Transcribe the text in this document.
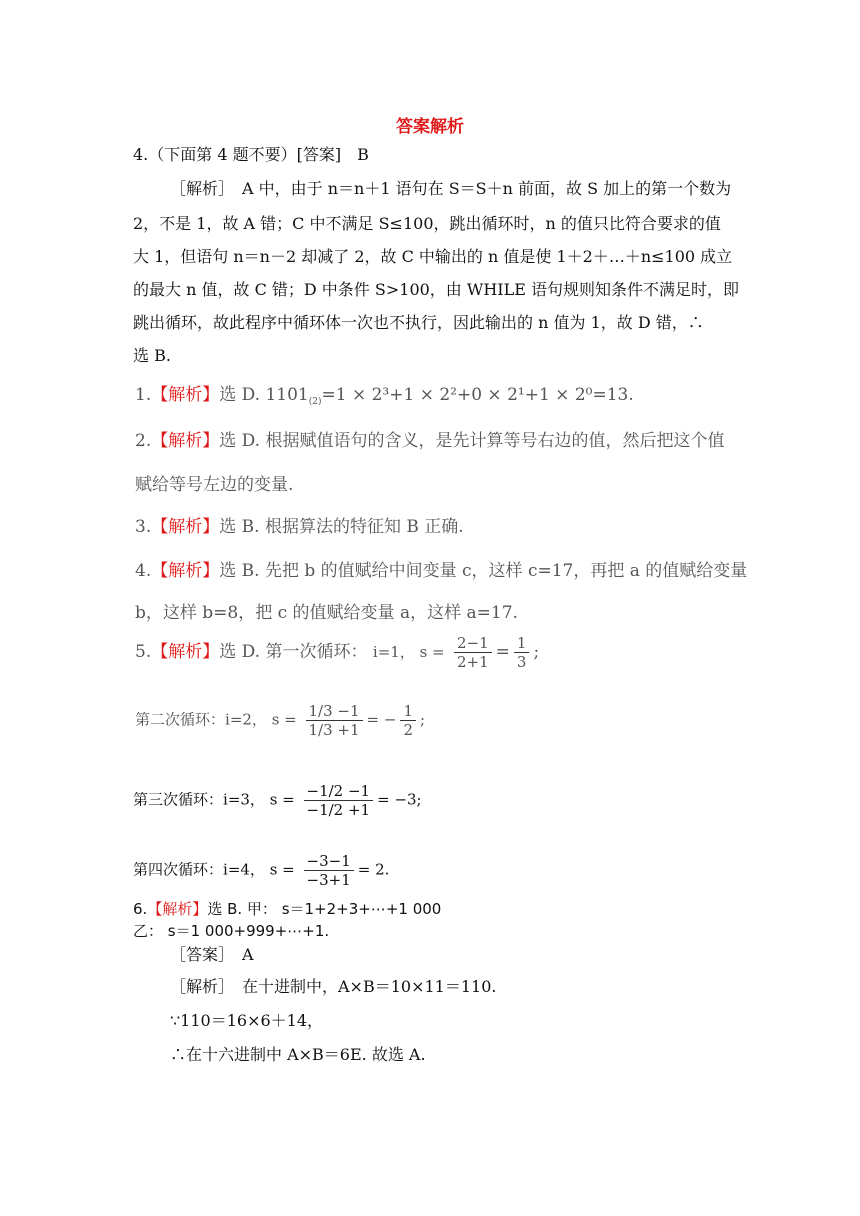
答案解析
4.（下面第 4 题不要）[答案]　B
［解析］　A 中，由于 n＝n＋1 语句在 S＝S＋n 前面，故 S 加上的第一个数为
2，不是 1，故 A 错；C 中不满足 S≤100，跳出循环时，n 的值只比符合要求的值
大 1，但语句 n＝n－2 却减了 2，故 C 中输出的 n 值是使 1＋2＋…＋n≤100 成立
的最大 n 值，故 C 错；D 中条件 S>100，由 WHILE 语句规则知条件不满足时，即
跳出循环，故此程序中循环体一次也不执行，因此输出的 n 值为 1，故 D 错，∴
选 B.
1.【解析】选 D. $1101_{(2)}=1 \times 2^3+1 \times 2^2+0 \times 2^1+1 \times 2^0=13$.
2.【解析】选 D. 根据赋值语句的含义，是先计算等号右边的值，然后把这个值
赋给等号左边的变量.
3.【解析】选 B. 根据算法的特征知 B 正确.
4.【解析】选 B. 先把 b 的值赋给中间变量 c，这样 c=17，再把 a 的值赋给变量
b，这样 b=8，把 c 的值赋给变量 a，这样 a=17.
5.【解析】选 D. 第一次循环： i=1， $s = \frac{2-1}{2+1} = \frac{1}{3}$ ;
第二次循环：i=2， $s = \frac{1/3 -1}{1/3 +1}$ = − $\frac{1}{2}$ ;
第三次循环：i=3， $s = \frac{-1/2 -1}{-1/2 +1} = -3$;
第四次循环：i=4， $s = \frac{-3-1}{-3+1} = 2$.
6.【解析】选 B. 甲： s＝1+2+3+⋯+1 000
乙： s＝1 000+999+⋯+1.
［答案］　A
［解析］　在十进制中，A×B＝10×11＝110.
∵110＝16×6＋14，
∴在十六进制中 A×B＝6E. 故选 A.
